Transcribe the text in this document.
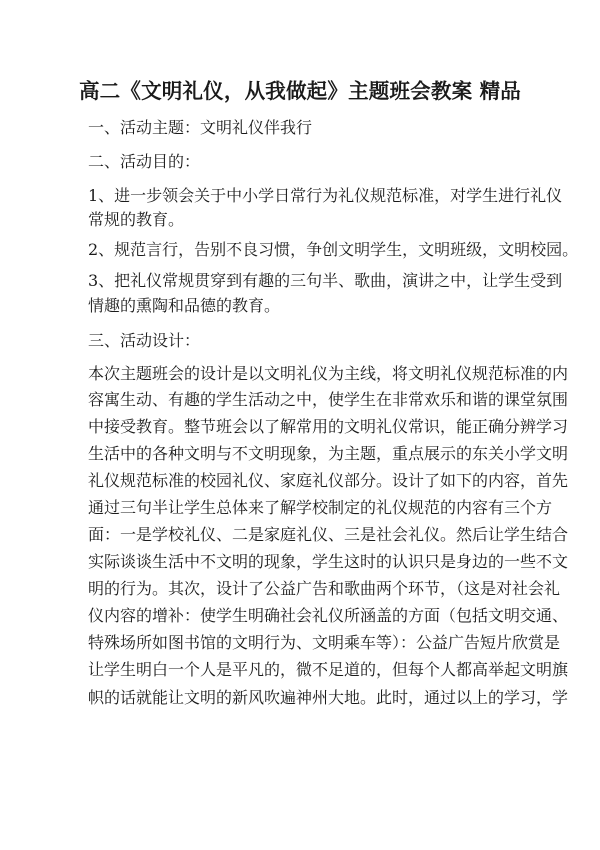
高二《文明礼仪，从我做起》主题班会教案 精品
一、活动主题：文明礼仪伴我行
二、活动目的：
1、进一步领会关于中小学日常行为礼仪规范标准，对学生进行礼仪
常规的教育。
2、规范言行，告别不良习惯，争创文明学生，文明班级，文明校园。
3、把礼仪常规贯穿到有趣的三句半、歌曲，演讲之中，让学生受到
情趣的熏陶和品德的教育。
三、活动设计：
本次主题班会的设计是以文明礼仪为主线，将文明礼仪规范标准的内
容寓生动、有趣的学生活动之中，使学生在非常欢乐和谐的课堂氛围
中接受教育。整节班会以了解常用的文明礼仪常识，能正确分辨学习
生活中的各种文明与不文明现象，为主题，重点展示的东关小学文明
礼仪规范标准的校园礼仪、家庭礼仪部分。设计了如下的内容，首先
通过三句半让学生总体来了解学校制定的礼仪规范的内容有三个方
面：一是学校礼仪、二是家庭礼仪、三是社会礼仪。然后让学生结合
实际谈谈生活中不文明的现象，学生这时的认识只是身边的一些不文
明的行为。其次，设计了公益广告和歌曲两个环节，（这是对社会礼
仪内容的增补：使学生明确社会礼仪所涵盖的方面（包括文明交通、
特殊场所如图书馆的文明行为、文明乘车等）：公益广告短片欣赏是
让学生明白一个人是平凡的，微不足道的，但每个人都高举起文明旗
帜的话就能让文明的新风吹遍神州大地。此时，通过以上的学习，学
